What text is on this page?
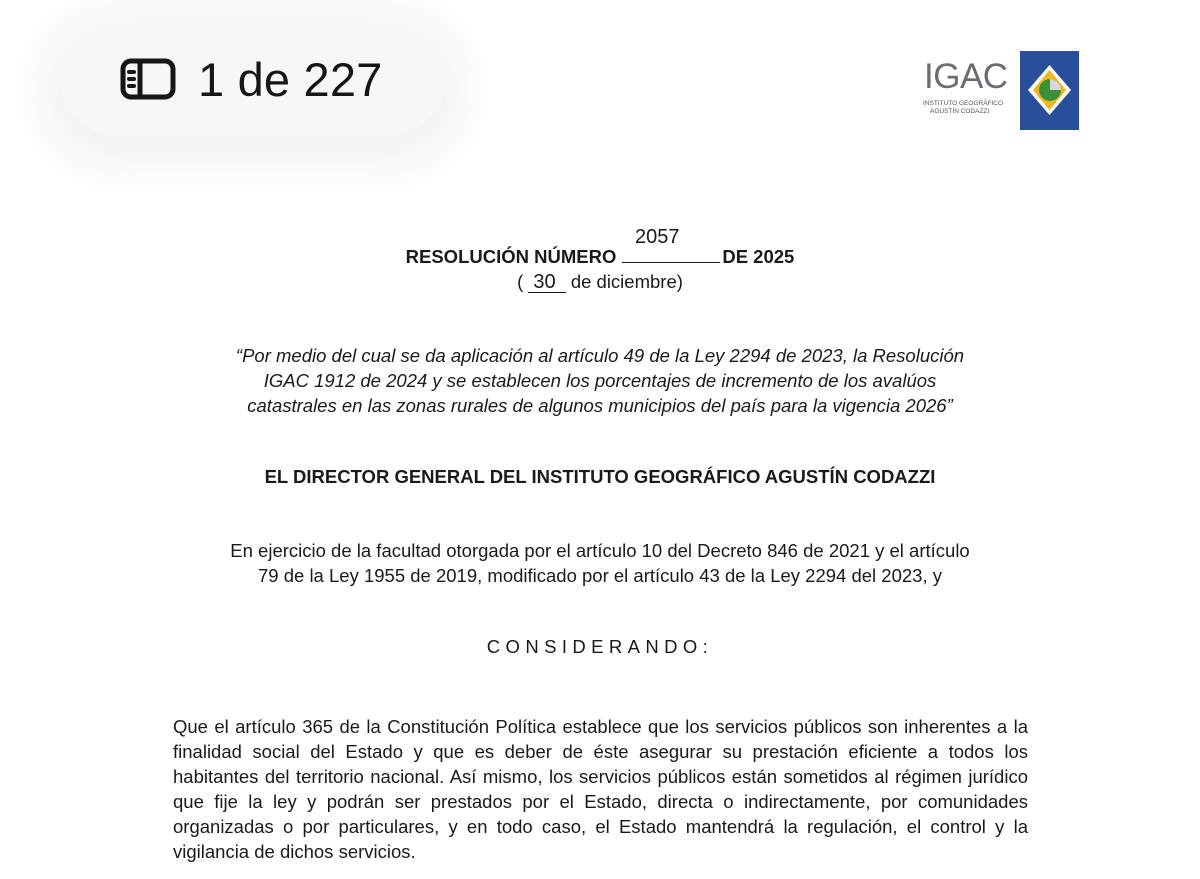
1 de 227	IGAC
INSTITUTO GEOGRÁFICO
AGUSTÍN CODAZZI
2057
RESOLUCIÓN NÚMERO	DE 2025
( 30 de diciembre)
“Por medio del cual se da aplicación al artículo 49 de la Ley 2294 de 2023, la Resolución
IGAC 1912 de 2024 y se establecen los porcentajes de incremento de los avalúos
catastrales en las zonas rurales de algunos municipios del país para la vigencia 2026”
EL DIRECTOR GENERAL DEL INSTITUTO GEOGRÁFICO AGUSTÍN CODAZZI
En ejercicio de la facultad otorgada por el artículo 10 del Decreto 846 de 2021 y el artículo
79 de la Ley 1955 de 2019, modificado por el artículo 43 de la Ley 2294 del 2023, y
CONSIDERANDO:
Que el artículo 365 de la Constitución Política establece que los servicios públicos son inherentes a la finalidad social del Estado y que es deber de éste asegurar su prestación eficiente a todos los habitantes del territorio nacional. Así mismo, los servicios públicos están sometidos al régimen jurídico que fije la ley y podrán ser prestados por el Estado, directa o indirectamente, por comunidades organizadas o por particulares, y en todo caso, el Estado mantendrá la regulación, el control y la vigilancia de dichos servicios.
